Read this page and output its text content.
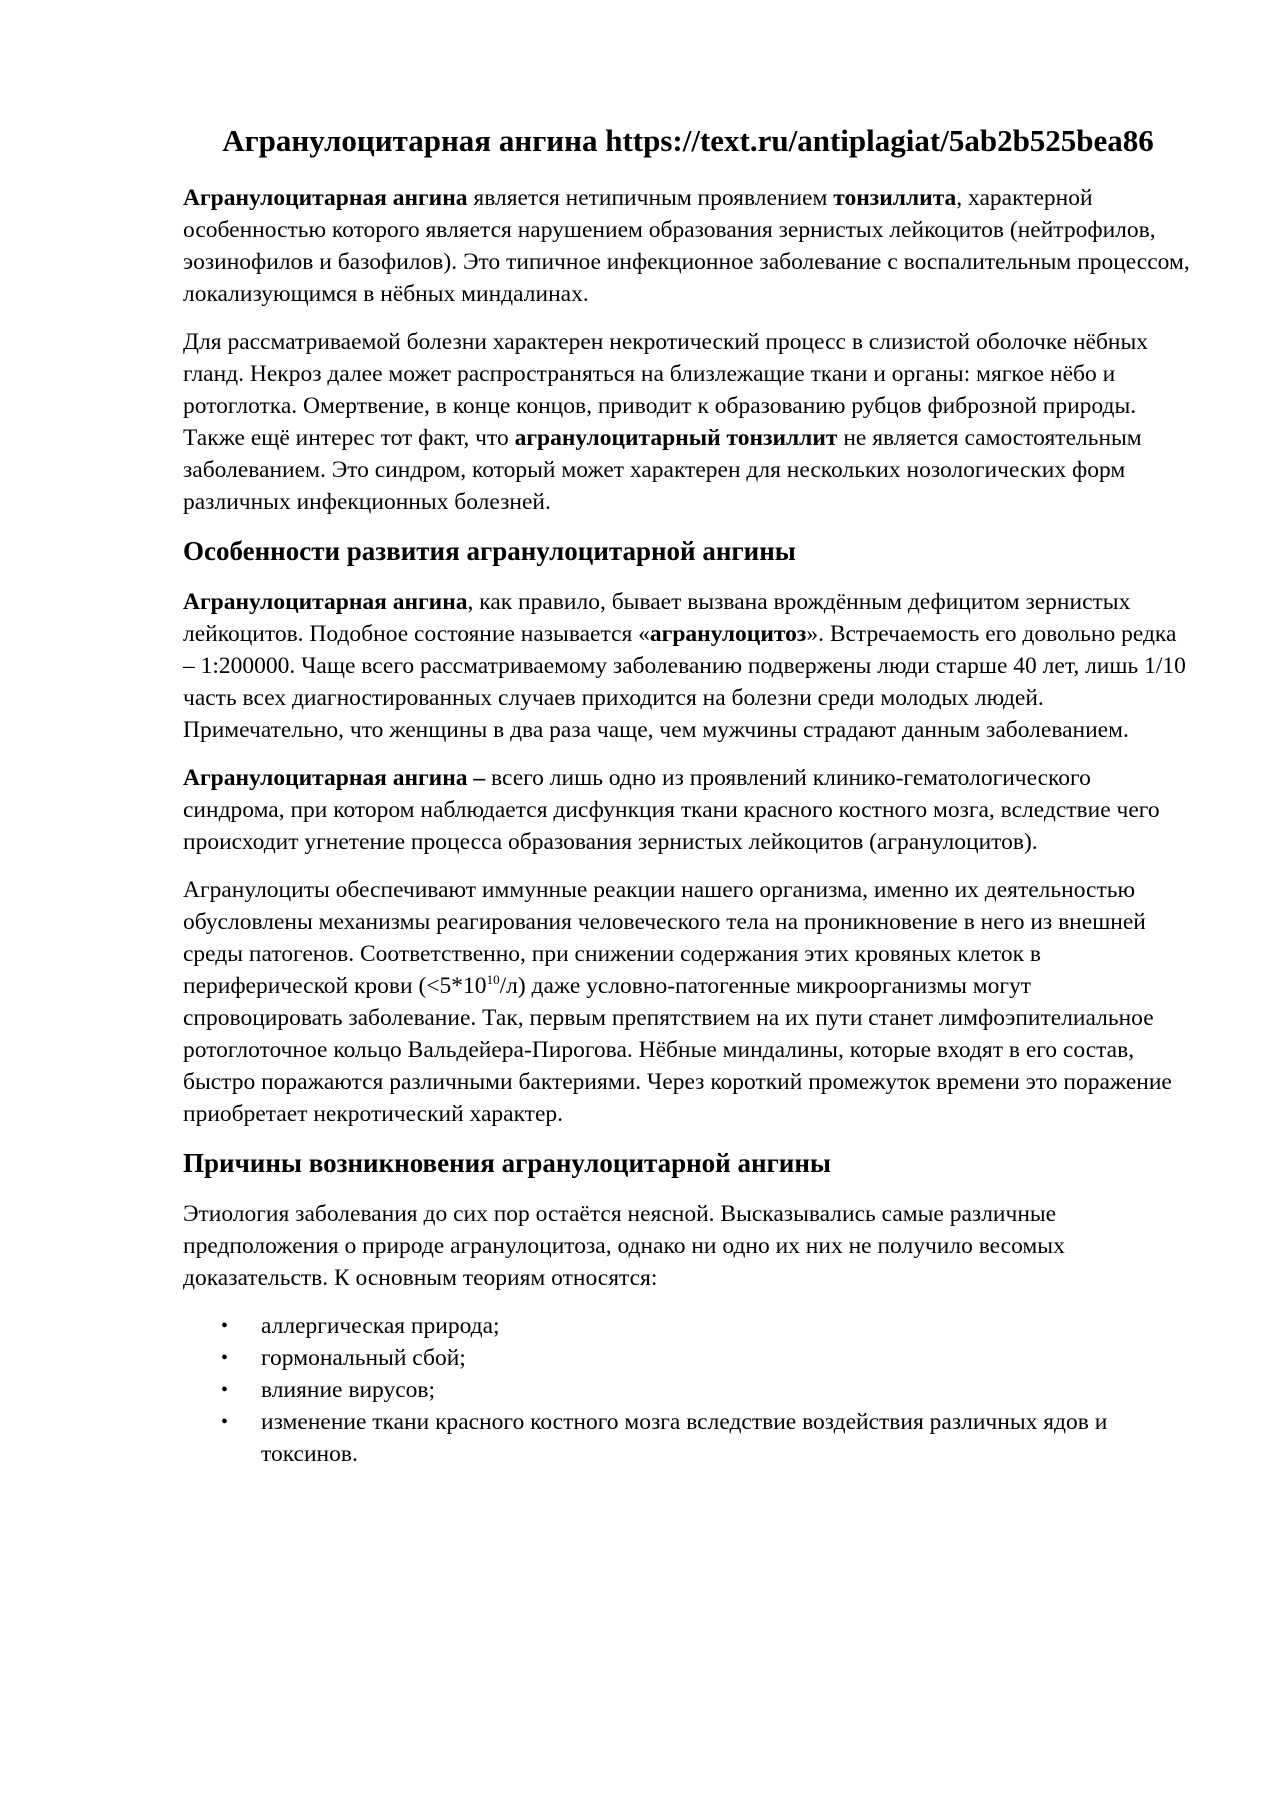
Агранулоцитарная ангина https://text.ru/antiplagiat/5ab2b525bea86

Агранулоцитарная ангина является нетипичным проявлением тонзиллита, характерной особенностью которого является нарушением образования зернистых лейкоцитов (нейтрофилов, эозинофилов и базофилов). Это типичное инфекционное заболевание с воспалительным процессом, локализующимся в нёбных миндалинах.

Для рассматриваемой болезни характерен некротический процесс в слизистой оболочке нёбных гланд. Некроз далее может распространяться на близлежащие ткани и органы: мягкое нёбо и ротоглотка. Омертвение, в конце концов, приводит к образованию рубцов фиброзной природы. Также ещё интерес тот факт, что агранулоцитарный тонзиллит не является самостоятельным заболеванием. Это синдром, который может характерен для нескольких нозологических форм различных инфекционных болезней.

Особенности развития агранулоцитарной ангины

Агранулоцитарная ангина, как правило, бывает вызвана врождённым дефицитом зернистых лейкоцитов. Подобное состояние называется «агранулоцитоз». Встречаемость его довольно редка – 1:200000. Чаще всего рассматриваемому заболеванию подвержены люди старше 40 лет, лишь 1/10 часть всех диагностированных случаев приходится на болезни среди молодых людей. Примечательно, что женщины в два раза чаще, чем мужчины страдают данным заболеванием.

Агранулоцитарная ангина – всего лишь одно из проявлений клинико-гематологического синдрома, при котором наблюдается дисфункция ткани красного костного мозга, вследствие чего происходит угнетение процесса образования зернистых лейкоцитов (агранулоцитов).

Агранулоциты обеспечивают иммунные реакции нашего организма, именно их деятельностью обусловлены механизмы реагирования человеческого тела на проникновение в него из внешней среды патогенов. Соответственно, при снижении содержания этих кровяных клеток в периферической крови $(<5*10^{10}/л)$ даже условно-патогенные микроорганизмы могут спровоцировать заболевание. Так, первым препятствием на их пути станет лимфоэпителиальное ротоглоточное кольцо Вальдейера-Пирогова. Нёбные миндалины, которые входят в его состав, быстро поражаются различными бактериями. Через короткий промежуток времени это поражение приобретает некротический характер.

Причины возникновения агранулоцитарной ангины

Этиология заболевания до сих пор остаётся неясной. Высказывались самые различные предположения о природе агранулоцитоза, однако ни одно их них не получило весомых доказательств. К основным теориям относятся:

• аллергическая природа;
• гормональный сбой;
• влияние вирусов;
• изменение ткани красного костного мозга вследствие воздействия различных ядов и токсинов.
